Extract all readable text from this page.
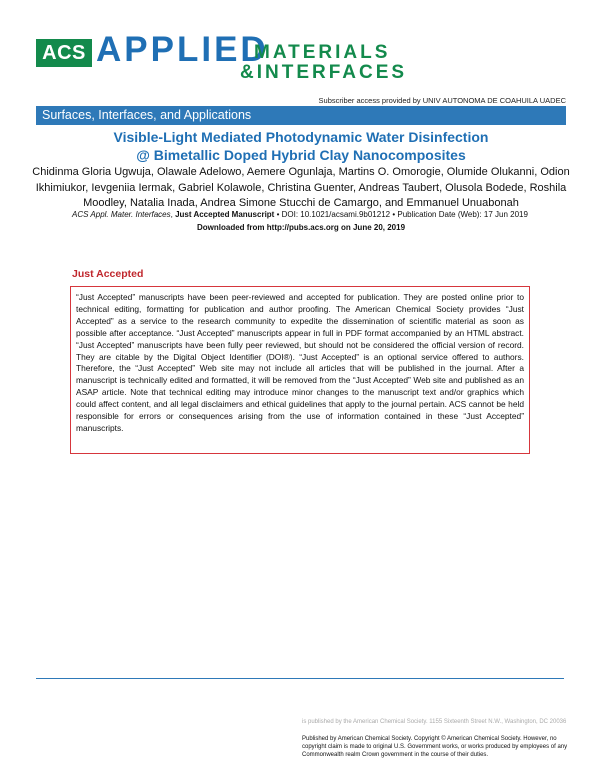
ACS APPLIED
MATERIALS
&INTERFACES
Subscriber access provided by UNIV AUTONOMA DE COAHUILA UADEC
Surfaces, Interfaces, and Applications
Visible-Light Mediated Photodynamic Water Disinfection
@ Bimetallic Doped Hybrid Clay Nanocomposites
Chidinma Gloria Ugwuja, Olawale Adelowo, Aemere Ogunlaja, Martins O. Omorogie, Olumide Olukanni, Odion Ikhimiukor, Ievgeniia Iermak, Gabriel Kolawole, Christina Guenter, Andreas Taubert, Olusola Bodede, Roshila Moodley, Natalia Inada, Andrea Simone Stucchi de Camargo, and Emmanuel Unuabonah
ACS Appl. Mater. Interfaces, Just Accepted Manuscript • DOI: 10.1021/acsami.9b01212 • Publication Date (Web): 17 Jun 2019
Downloaded from http://pubs.acs.org on June 20, 2019
Just Accepted
“Just Accepted” manuscripts have been peer-reviewed and accepted for publication. They are posted online prior to technical editing, formatting for publication and author proofing. The American Chemical Society provides “Just Accepted” as a service to the research community to expedite the dissemination of scientific material as soon as possible after acceptance. “Just Accepted” manuscripts appear in full in PDF format accompanied by an HTML abstract. “Just Accepted” manuscripts have been fully peer reviewed, but should not be considered the official version of record. They are citable by the Digital Object Identifier (DOI®). “Just Accepted” is an optional service offered to authors. Therefore, the “Just Accepted” Web site may not include all articles that will be published in the journal. After a manuscript is technically edited and formatted, it will be removed from the “Just Accepted” Web site and published as an ASAP article. Note that technical editing may introduce minor changes to the manuscript text and/or graphics which could affect content, and all legal disclaimers and ethical guidelines that apply to the journal pertain. ACS cannot be held responsible for errors or consequences arising from the use of information contained in these “Just Accepted” manuscripts.
is published by the American Chemical Society. 1155 Sixteenth Street N.W., Washington, DC 20036
Published by American Chemical Society. Copyright © American Chemical Society. However, no copyright claim is made to original U.S. Government works, or works produced by employees of any Commonwealth realm Crown government in the course of their duties.
